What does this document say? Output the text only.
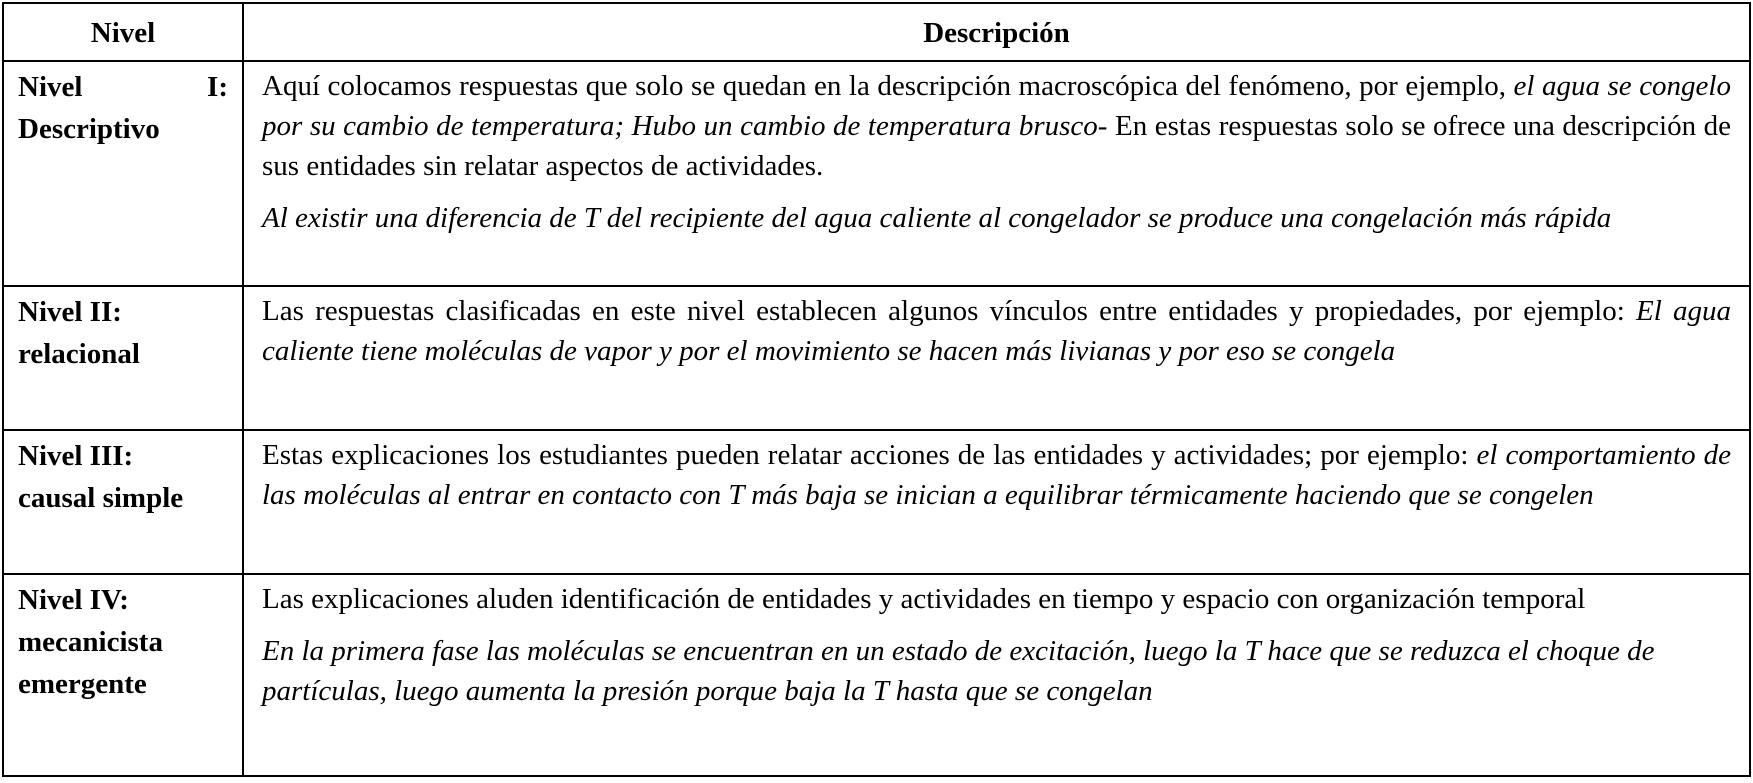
Nivel	Descripción
Nivel	I:
Descriptivo

Aquí colocamos respuestas que solo se quedan en la descripción macroscópica del fenómeno, por ejemplo, el agua se congelo por su cambio de temperatura; Hubo un cambio de temperatura brusco- En estas respuestas solo se ofrece una descripción de sus entidades sin relatar aspectos de actividades.

Al existir una diferencia de T del recipiente del agua caliente al congelador se produce una congelación más rápida

Nivel II:
relacional

Las respuestas clasificadas en este nivel establecen algunos vínculos entre entidades y propiedades, por ejemplo: El agua caliente tiene moléculas de vapor y por el movimiento se hacen más livianas y por eso se congela

Nivel III:
causal simple

Estas explicaciones los estudiantes pueden relatar acciones de las entidades y actividades; por ejemplo: el comportamiento de las moléculas al entrar en contacto con T más baja se inician a equilibrar térmicamente haciendo que se congelen

Nivel IV:
mecanicista
emergente

Las explicaciones aluden identificación de entidades y actividades en tiempo y espacio con organización temporal

En la primera fase las moléculas se encuentran en un estado de excitación, luego la T hace que se reduzca el choque de partículas, luego aumenta la presión porque baja la T hasta que se congelan
